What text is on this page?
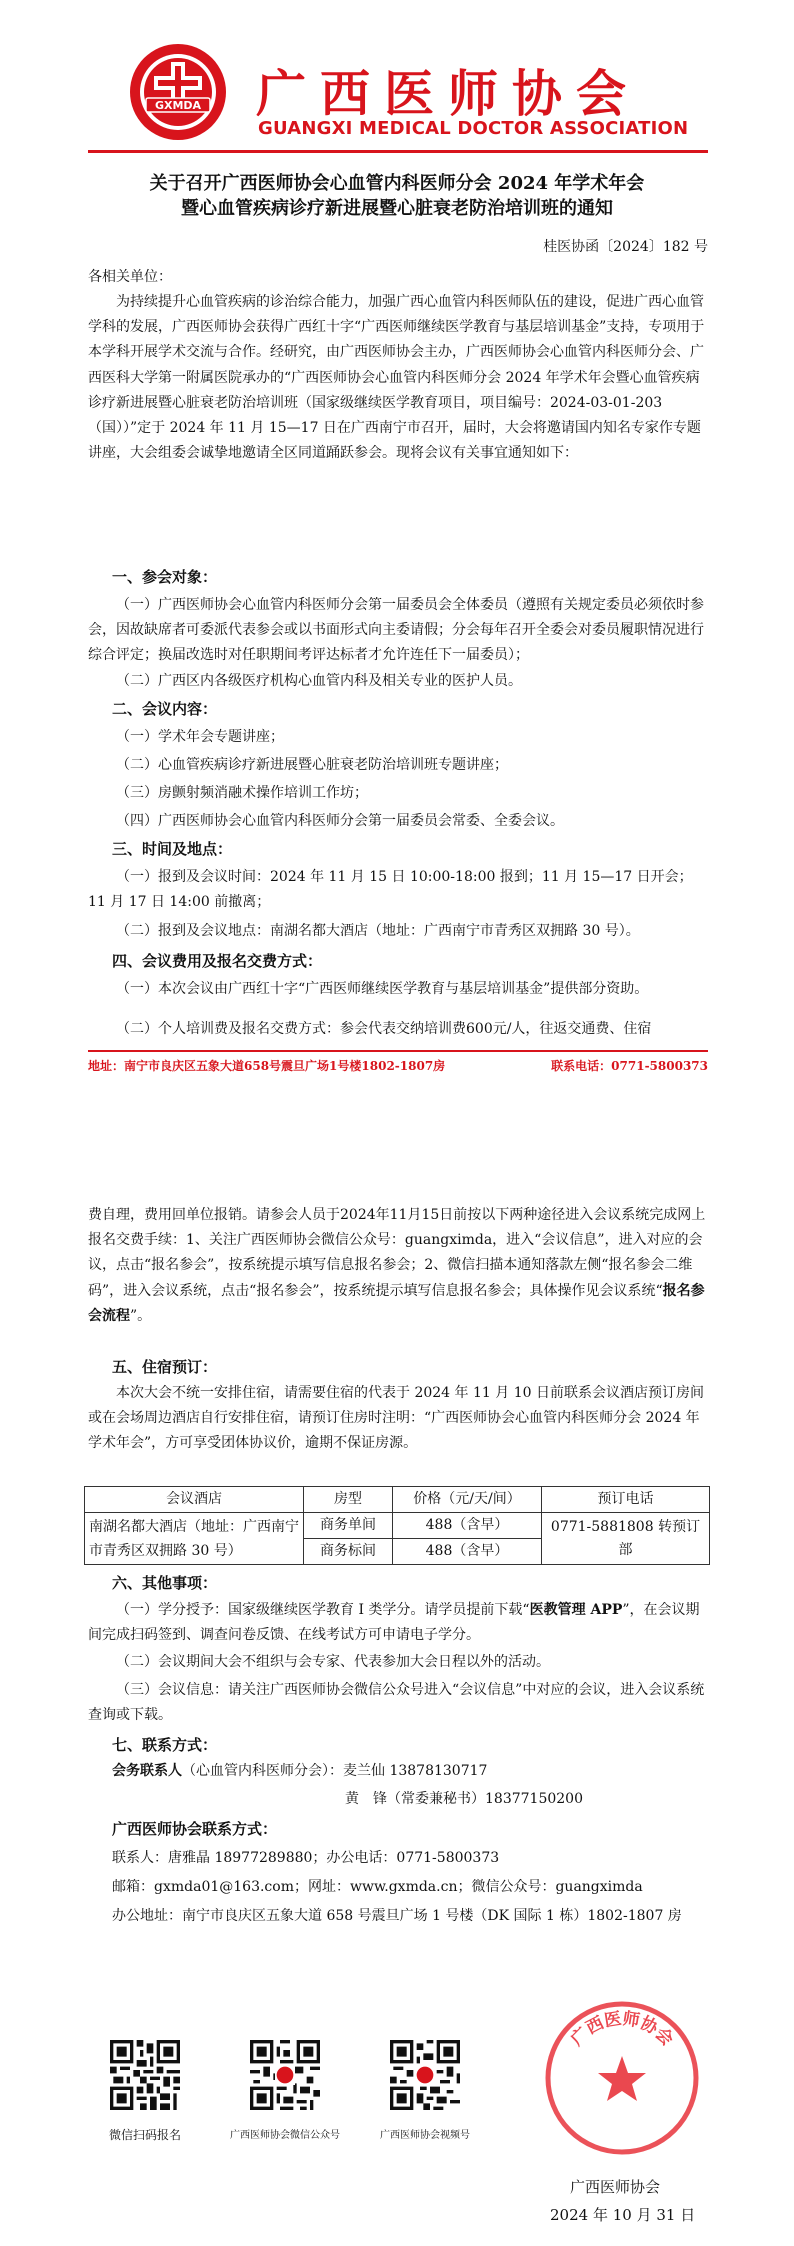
GXMDA 广西医师协会
GUANGXI MEDICAL DOCTOR ASSOCIATION
关于召开广西医师协会心血管内科医师分会 2024 年学术年会
暨心血管疾病诊疗新进展暨心脏衰老防治培训班的通知
桂医协函〔2024〕182 号
各相关单位：
为持续提升心血管疾病的诊治综合能力，加强广西心血管内科医师队伍的建设，促进广西心血管学科的发展，广西医师协会获得广西红十字“广西医师继续医学教育与基层培训基金”支持，专项用于本学科开展学术交流与合作。经研究，由广西医师协会主办，广西医师协会心血管内科医师分会、广西医科大学第一附属医院承办的“广西医师协会心血管内科医师分会 2024 年学术年会暨心血管疾病诊疗新进展暨心脏衰老防治培训班（国家级继续医学教育项目，项目编号：2024-03-01-203 （国））”定于 2024 年 11 月 15—17 日在广西南宁市召开，届时，大会将邀请国内知名专家作专题讲座，大会组委会诚挚地邀请全区同道踊跃参会。现将会议有关事宜通知如下：
一、参会对象：
（一）广西医师协会心血管内科医师分会第一届委员会全体委员（遵照有关规定委员必须依时参会，因故缺席者可委派代表参会或以书面形式向主委请假；分会每年召开全委会对委员履职情况进行综合评定；换届改选时对任职期间考评达标者才允许连任下一届委员）；
（二）广西区内各级医疗机构心血管内科及相关专业的医护人员。
二、会议内容：
（一）学术年会专题讲座；
（二）心血管疾病诊疗新进展暨心脏衰老防治培训班专题讲座；
（三）房颤射频消融术操作培训工作坊；
（四）广西医师协会心血管内科医师分会第一届委员会常委、全委会议。
三、时间及地点：
（一）报到及会议时间：2024 年 11 月 15 日 10:00-18:00 报到；11 月 15—17 日开会；11 月 17 日 14:00 前撤离；
（二）报到及会议地点：南湖名都大酒店（地址：广西南宁市青秀区双拥路 30 号）。
四、会议费用及报名交费方式：
（一）本次会议由广西红十字“广西医师继续医学教育与基层培训基金”提供部分资助。
（二）个人培训费及报名交费方式：参会代表交纳培训费600元/人，往返交通费、住宿
地址：南宁市良庆区五象大道658号震旦广场1号楼1802-1807房	联系电话：0771-5800373
费自理，费用回单位报销。请参会人员于2024年11月15日前按以下两种途径进入会议系统完成网上报名交费手续：1、关注广西医师协会微信公众号：guangximda，进入“会议信息”，进入对应的会议，点击“报名参会”，按系统提示填写信息报名参会；2、微信扫描本通知落款左侧“报名参会二维码”，进入会议系统，点击“报名参会”，按系统提示填写信息报名参会；具体操作见会议系统“报名参会流程”。
五、住宿预订：
本次大会不统一安排住宿，请需要住宿的代表于 2024 年 11 月 10 日前联系会议酒店预订房间或在会场周边酒店自行安排住宿，请预订住房时注明：“广西医师协会心血管内科医师分会 2024 年学术年会”，方可享受团体协议价，逾期不保证房源。
会议酒店	房型	价格（元/天/间）	预订电话
南湖名都大酒店（地址：广西南宁市青秀区双拥路 30 号）	商务单间	488（含早）	0771-5881808 转预订部
	商务标间	488（含早）	
六、其他事项：
（一）学分授予：国家级继续医学教育 I 类学分。请学员提前下载“医教管理 APP”，在会议期间完成扫码签到、调查问卷反馈、在线考试方可申请电子学分。
（二）会议期间大会不组织与会专家、代表参加大会日程以外的活动。
（三）会议信息：请关注广西医师协会微信公众号进入“会议信息”中对应的会议，进入会议系统查询或下载。
七、联系方式：
会务联系人（心血管内科医师分会）：麦兰仙 13878130717
黄　锋（常委兼秘书）18377150200
广西医师协会联系方式：
联系人：唐雅晶 18977289880；办公电话：0771-5800373
邮箱：gxmda01@163.com；网址：www.gxmda.cn；微信公众号：guangximda
办公地址：南宁市良庆区五象大道 658 号震旦广场 1 号楼（DK 国际 1 栋）1802-1807 房
微信扫码报名	广西医师协会微信公众号	广西医师协会视频号
广西医师协会
广西医师协会
2024 年 10 月 31 日
